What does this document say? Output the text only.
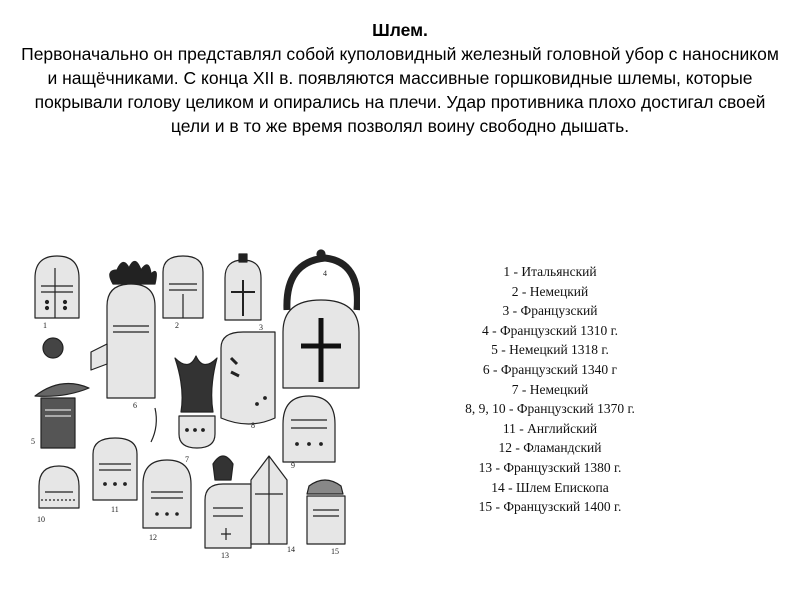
Шлем.

Первоначально он представлял собой куполовидный железный головной убор с наносником и нащёчниками. С конца XII в. появляются массивные горшковидные шлемы, которые покрывали голову целиком и опирались на плечи. Удар противника плохо достигал своей цели и в то же время позволял воину свободно дышать.

1	2	3
4
5
6
7
8
9
10
11
12
13
14	15
1 - Итальянский
2 - Немецкий
3 - Французский
4 - Французский 1310 г.
5 - Немецкий 1318 г.
6 - Французский 1340 г
7 - Немецкий
8, 9, 10 - Французский 1370 г.
11 - Английский
12 - Фламандский
13 - Французский 1380 г.
14 - Шлем Епископа
15 - Французский 1400 г.
